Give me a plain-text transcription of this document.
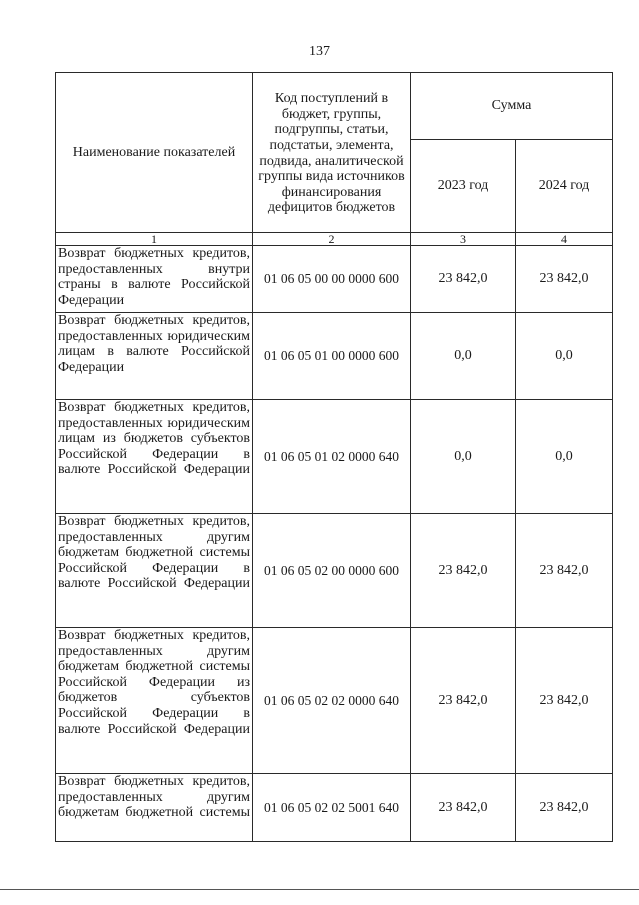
137
Наименование показателей	Код поступлений в бюджет, группы, подгруппы, статьи, подстатьи, элемента, подвида, аналитической группы вида источников финансирования дефицитов бюджетов	Сумма	
		2023 год	2024 год
1	2	3	4
Возврат бюджетных кредитов, предоставленных внутри страны в валюте Российской Федерации	01 06 05 00 00 0000 600	23 842,0	23 842,0
Возврат бюджетных кредитов, предоставленных юридическим лицам в валюте Российской Федерации	01 06 05 01 00 0000 600	0,0	0,0
Возврат бюджетных кредитов, предоставленных юридическим лицам из бюджетов субъектов Российской Федерации в валюте Российской Федерации	01 06 05 01 02 0000 640	0,0	0,0
Возврат бюджетных кредитов, предоставленных другим бюджетам бюджетной системы Российской Федерации в валюте Российской Федерации	01 06 05 02 00 0000 600	23 842,0	23 842,0
Возврат бюджетных кредитов, предоставленных другим бюджетам бюджетной системы Российской Федерации из бюджетов субъектов Российской Федерации в валюте Российской Федерации	01 06 05 02 02 0000 640	23 842,0	23 842,0
Возврат бюджетных кредитов, предоставленных другим бюджетам бюджетной системы	01 06 05 02 02 5001 640	23 842,0	23 842,0
